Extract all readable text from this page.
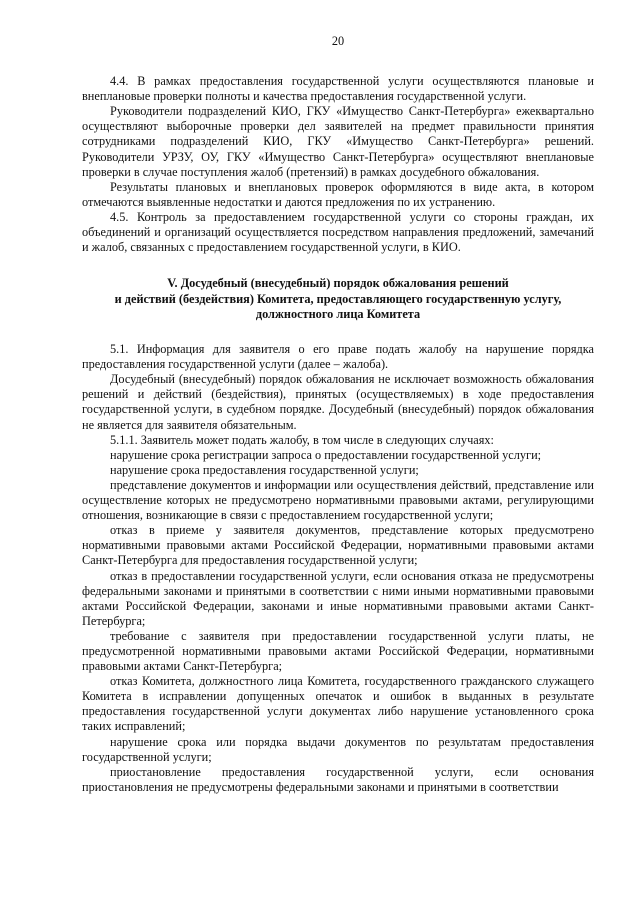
20

4.4. В рамках предоставления государственной услуги осуществляются плановые и внеплановые проверки полноты и качества предоставления государственной услуги.

Руководители подразделений КИО, ГКУ «Имущество Санкт-Петербурга» ежеквартально осуществляют выборочные проверки дел заявителей на предмет правильности принятия сотрудниками подразделений КИО, ГКУ «Имущество Санкт-Петербурга» решений. Руководители УРЗУ, ОУ, ГКУ «Имущество Санкт-Петербурга» осуществляют внеплановые проверки в случае поступления жалоб (претензий) в рамках досудебного обжалования.

Результаты плановых и внеплановых проверок оформляются в виде акта, в котором отмечаются выявленные недостатки и даются предложения по их устранению.

4.5. Контроль за предоставлением государственной услуги со стороны граждан, их объединений и организаций осуществляется посредством направления предложений, замечаний и жалоб, связанных с предоставлением государственной услуги, в КИО.

V. Досудебный (внесудебный) порядок обжалования решений
и действий (бездействия) Комитета, предоставляющего государственную услугу,
должностного лица Комитета

5.1. Информация для заявителя о его праве подать жалобу на нарушение порядка предоставления государственной услуги (далее – жалоба).

Досудебный (внесудебный) порядок обжалования не исключает возможность обжалования решений и действий (бездействия), принятых (осуществляемых) в ходе предоставления государственной услуги, в судебном порядке. Досудебный (внесудебный) порядок обжалования не является для заявителя обязательным.

5.1.1. Заявитель может подать жалобу, в том числе в следующих случаях:

нарушение срока регистрации запроса о предоставлении государственной услуги;

нарушение срока предоставления государственной услуги;

представление документов и информации или осуществления действий, представление или осуществление которых не предусмотрено нормативными правовыми актами, регулирующими отношения, возникающие в связи с предоставлением государственной услуги;

отказ в приеме у заявителя документов, представление которых предусмотрено нормативными правовыми актами Российской Федерации, нормативными правовыми актами Санкт-Петербурга для предоставления государственной услуги;

отказ в предоставлении государственной услуги, если основания отказа не предусмотрены федеральными законами и принятыми в соответствии с ними иными нормативными правовыми актами Российской Федерации, законами и иные нормативными правовыми актами Санкт-Петербурга;

требование с заявителя при предоставлении государственной услуги платы, не предусмотренной нормативными правовыми актами Российской Федерации, нормативными правовыми актами Санкт-Петербурга;

отказ Комитета, должностного лица Комитета, государственного гражданского служащего Комитета в исправлении допущенных опечаток и ошибок в выданных в результате предоставления государственной услуги документах либо нарушение установленного срока таких исправлений;

нарушение срока или порядка выдачи документов по результатам предоставления государственной услуги;

приостановление предоставления государственной услуги, если основания приостановления не предусмотрены федеральными законами и принятыми в соответствии
